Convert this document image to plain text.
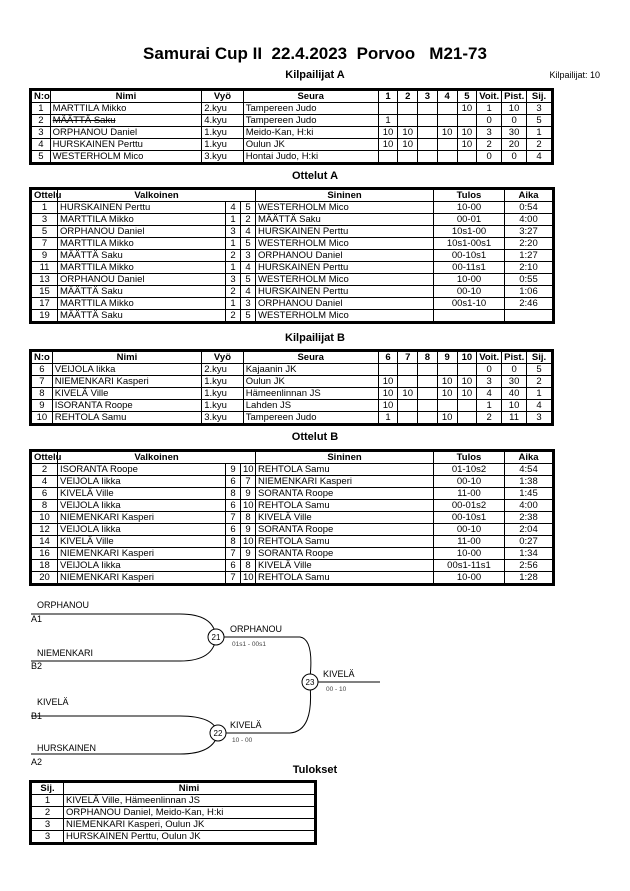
Samurai Cup II  22.4.2023  Porvoo   M21-73
Kilpailijat A	Kilpailijat: 10
N:o	Nimi	Vyö	Seura	1	2	3	4	5	Voit.	Pist.	Sij.
1	MARTTILA Mikko	2.kyu	Tampereen Judo					10	1	10	3
2	MÄÄTTÄ Saku	4.kyu	Tampereen Judo	1					0	0	5
3	ORPHANOU Daniel	1.kyu	Meido-Kan, H:ki	10	10		10	10	3	30	1
4	HURSKAINEN Perttu	1.kyu	Oulun JK	10	10			10	2	20	2
5	WESTERHOLM Mico	3.kyu	Hontai Judo, H:ki						0	0	4
Ottelut A
Ottelu	Valkoinen			Sininen	Tulos	Aika
1	HURSKAINEN Perttu	4	5	WESTERHOLM Mico	10-00	0:54
3	MARTTILA Mikko	1	2	MÄÄTTÄ Saku	00-01	4:00
5	ORPHANOU Daniel	3	4	HURSKAINEN Perttu	10s1-00	3:27
7	MARTTILA Mikko	1	5	WESTERHOLM Mico	10s1-00s1	2:20
9	MÄÄTTÄ Saku	2	3	ORPHANOU Daniel	00-10s1	1:27
11	MARTTILA Mikko	1	4	HURSKAINEN Perttu	00-11s1	2:10
13	ORPHANOU Daniel	3	5	WESTERHOLM Mico	10-00	0:55
15	MÄÄTTÄ Saku	2	4	HURSKAINEN Perttu	00-10	1:06
17	MARTTILA Mikko	1	3	ORPHANOU Daniel	00s1-10	2:46
19	MÄÄTTÄ Saku	2	5	WESTERHOLM Mico		
Kilpailijat B
N:o	Nimi	Vyö	Seura	6	7	8	9	10	Voit.	Pist.	Sij.
6	VEIJOLA Iikka	2.kyu	Kajaanin JK						0	0	5
7	NIEMENKARI Kasperi	1.kyu	Oulun JK	10			10	10	3	30	2
8	KIVELÄ Ville	1.kyu	Hämeenlinnan JS	10	10		10	10	4	40	1
9	ISORANTA Roope	1.kyu	Lahden JS	10					1	10	4
10	REHTOLA Samu	3.kyu	Tampereen Judo	1			10		2	11	3
Ottelut B
Ottelu	Valkoinen			Sininen	Tulos	Aika
2	ISORANTA Roope	9	10	REHTOLA Samu	01-10s2	4:54
4	VEIJOLA Iikka	6	7	NIEMENKARI Kasperi	00-10	1:38
6	KIVELÄ Ville	8	9	SORANTA Roope	11-00	1:45
8	VEIJOLA Iikka	6	10	REHTOLA Samu	00-01s2	4:00
10	NIEMENKARI Kasperi	7	8	KIVELÄ Ville	00-10s1	2:38
12	VEIJOLA Iikka	6	9	SORANTA Roope	00-10	2:04
14	KIVELÄ Ville	8	10	REHTOLA Samu	11-00	0:27
16	NIEMENKARI Kasperi	7	9	SORANTA Roope	10-00	1:34
18	VEIJOLA Iikka	6	8	KIVELÄ Ville	00s1-11s1	2:56
20	NIEMENKARI Kasperi	7	10	REHTOLA Samu	10-00	1:28
ORPHANOU
A1
NIEMENKARI
B2
KIVELÄ
B1
HURSKAINEN
A2
ORPHANOU
KIVELÄ
KIVELÄ
01s1 - 00s1
10 - 00
00 - 10
21
22
23
Tulokset
Sij.	Nimi
1	KIVELÄ Ville, Hämeenlinnan JS
2	ORPHANOU Daniel, Meido-Kan, H:ki
3	NIEMENKARI Kasperi, Oulun JK
3	HURSKAINEN Perttu, Oulun JK
